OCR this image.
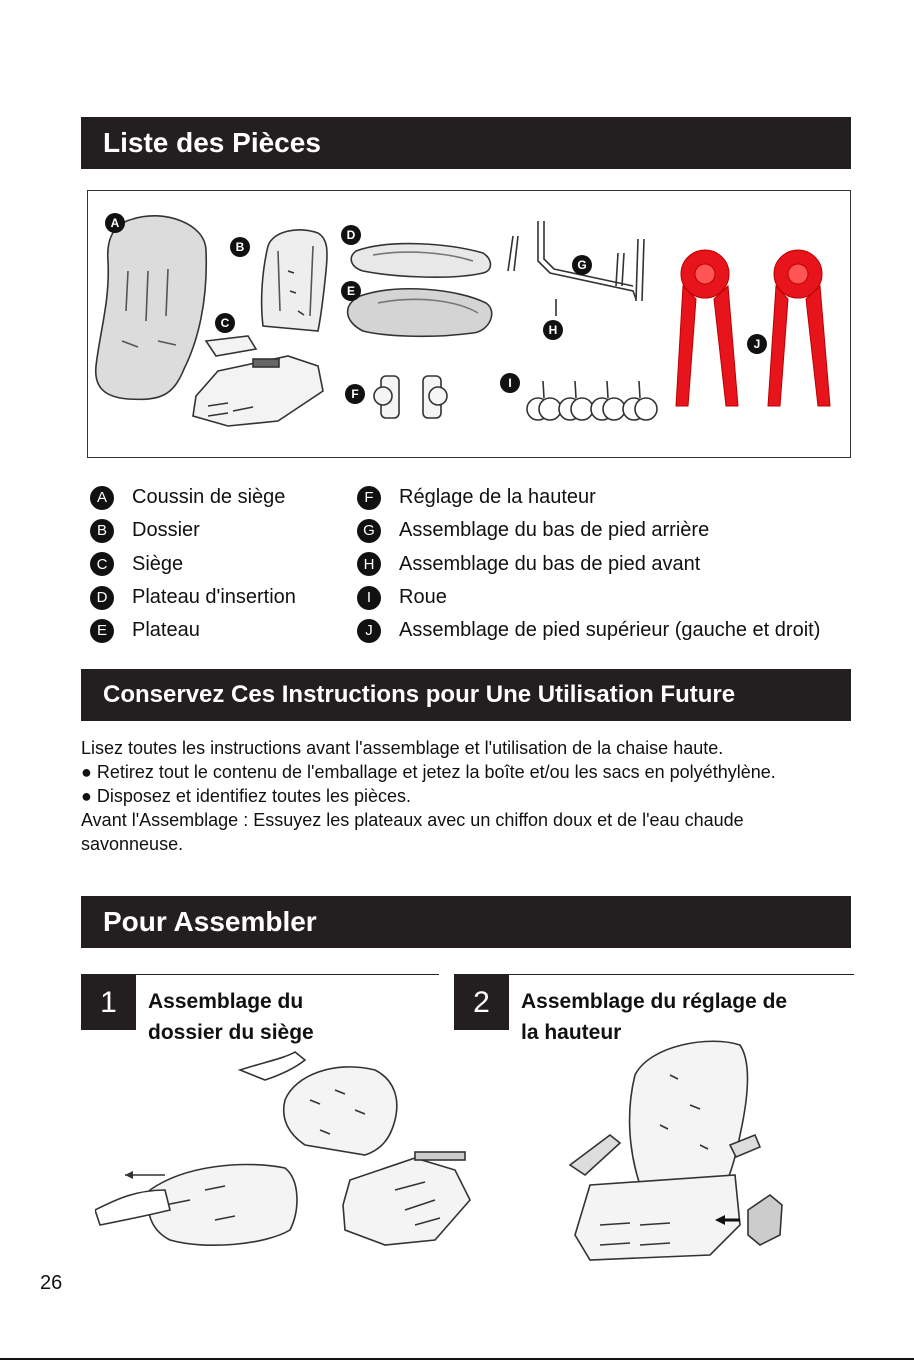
Liste des Pièces
A
B
C
D
E
F
G
H
I
J
A	Coussin de siège
B	Dossier
C	Siège
D	Plateau d'insertion
E	Plateau
F	Réglage de la hauteur
G	Assemblage du bas de pied arrière
H	Assemblage du bas de pied avant
I	Roue
J	Assemblage de pied supérieur (gauche et droit)
Conservez Ces Instructions pour Une Utilisation Future

Lisez toutes les instructions avant l'assemblage et l'utilisation de la chaise haute.

● Retirez tout le contenu de l'emballage et jetez la boîte et/ou les sacs en polyéthylène.

● Disposez et identifiez toutes les pièces.

Avant l'Assemblage : Essuyez les plateaux avec un chiffon doux et de l'eau chaude savonneuse.

Pour Assembler
1	Assemblage du
dossier du siège
2	Assemblage du réglage de
la hauteur
26
